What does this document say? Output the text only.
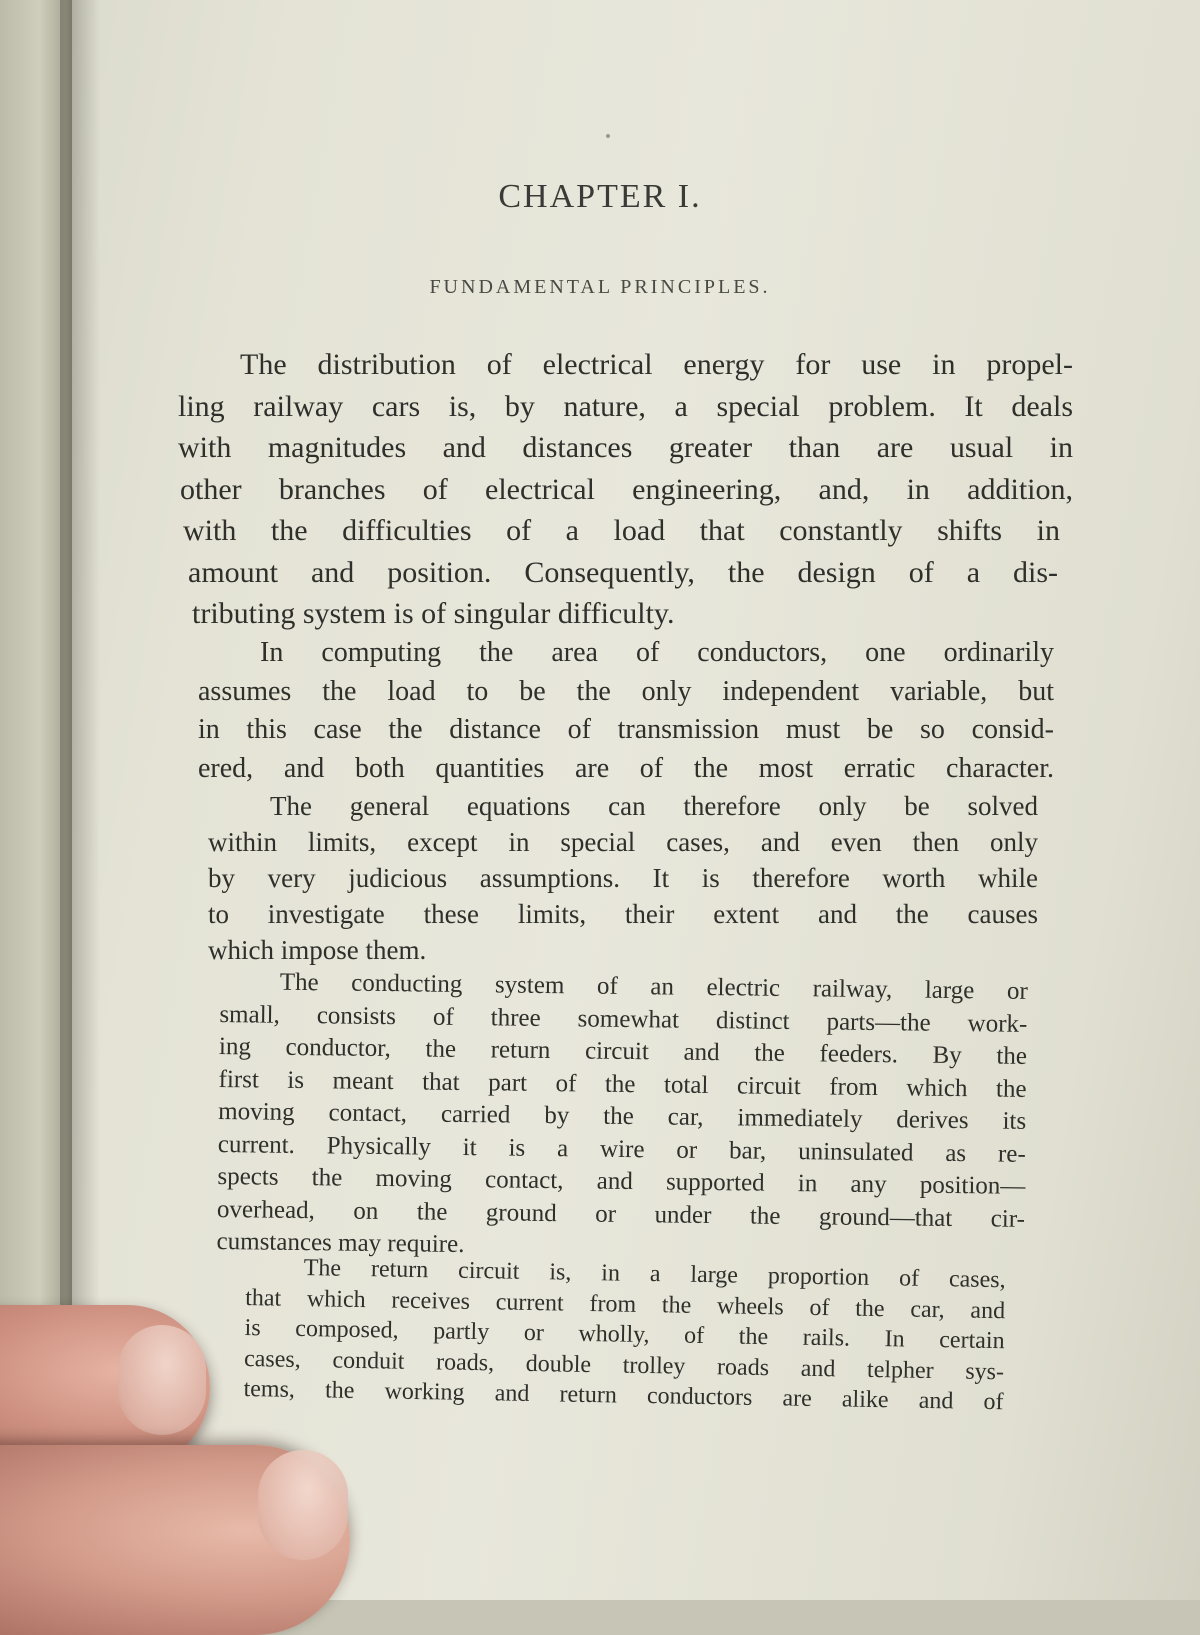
CHAPTER I.
FUNDAMENTAL PRINCIPLES.
The distribution of electrical energy for use in propel-
ling railway cars is, by nature, a special problem. It deals
with magnitudes and distances greater than are usual in
other branches of electrical engineering, and, in addition,
with the difficulties of a load that constantly shifts in
amount and position. Consequently, the design of a dis-
tributing system is of singular difficulty.
In computing the area of conductors, one ordinarily
assumes the load to be the only independent variable, but
in this case the distance of transmission must be so consid-
ered, and both quantities are of the most erratic character.
The general equations can therefore only be solved
within limits, except in special cases, and even then only
by very judicious assumptions. It is therefore worth while
to investigate these limits, their extent and the causes
which impose them.
The conducting system of an electric railway, large or
small, consists of three somewhat distinct parts—the work-
ing conductor, the return circuit and the feeders. By the
first is meant that part of the total circuit from which the
moving contact, carried by the car, immediately derives its
current. Physically it is a wire or bar, uninsulated as re-
spects the moving contact, and supported in any position—
overhead, on the ground or under the ground—that cir-
cumstances may require.
The return circuit is, in a large proportion of cases,
that which receives current from the wheels of the car, and
is composed, partly or wholly, of the rails. In certain
cases, conduit roads, double trolley roads and telpher sys-
tems, the working and return conductors are alike and of
